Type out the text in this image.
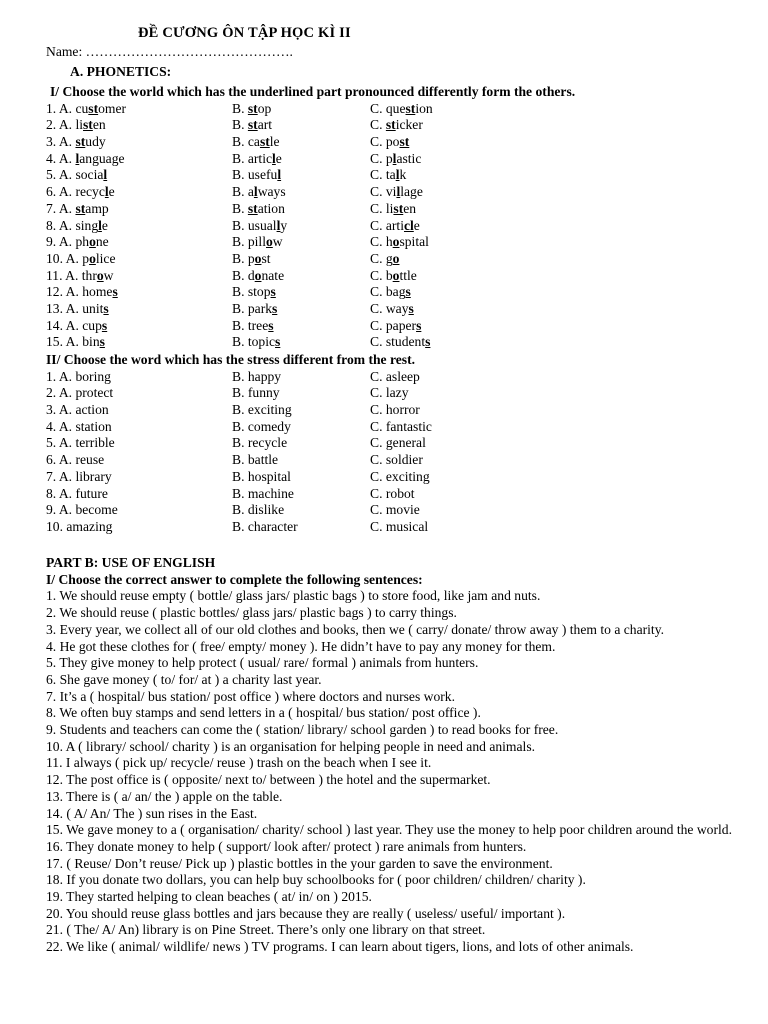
ĐỀ CƯƠNG ÔN TẬP HỌC KÌ II
Name: ……………………………………….
A. PHONETICS:
I/ Choose the world which has the underlined part pronounced differently form the others.
1. A. customer	B. stop	C. question
2. A. listen	B. start	C. sticker
3. A. study	B. castle	C. post
4. A. language	B. article	C. plastic
5. A. social	B. useful	C. talk
6. A. recycle	B. always	C. village
7. A. stamp	B. station	C. listen
8. A. single	B. usually	C. article
9. A. phone	B. pillow	C. hospital
10. A. police	B. post	C. go
11. A. throw	B. donate	C. bottle
12. A. homes	B. stops	C. bags
13. A. units	B. parks	C. ways
14. A. cups	B. trees	C. papers
15. A. bins	B. topics	C. students
II/ Choose the word which has the stress different from the rest.
1. A. boring	B. happy	C. asleep
2. A. protect	B. funny	C. lazy
3. A. action	B. exciting	C. horror
4. A. station	B. comedy	C. fantastic
5. A. terrible	B. recycle	C. general
6. A. reuse	B. battle	C. soldier
7. A. library	B. hospital	C. exciting
8. A. future	B. machine	C. robot
9. A. become	B. dislike	C. movie
10. amazing	B. character	C. musical
PART B: USE OF ENGLISH
I/ Choose the correct answer to complete the following sentences:
1. We should reuse empty ( bottle/ glass jars/ plastic bags ) to store food, like jam and nuts.
2. We should reuse ( plastic bottles/ glass jars/ plastic bags ) to carry things.
3. Every year, we collect all of our old clothes and books, then we ( carry/ donate/ throw away ) them to a charity.
4. He got these clothes for ( free/ empty/ money ). He didn’t have to pay any money for them.
5. They give money to help protect ( usual/ rare/ formal ) animals from hunters.
6. She gave money ( to/ for/ at ) a charity last year.
7. It’s a ( hospital/ bus station/ post office ) where doctors and nurses work.
8. We often buy stamps and send letters in a ( hospital/ bus station/ post office ).
9. Students and teachers can come the ( station/ library/ school garden ) to read books for free.
10. A ( library/ school/ charity ) is an organisation for helping people in need and animals.
11. I always ( pick up/ recycle/ reuse ) trash on the beach when I see it.
12. The post office is ( opposite/ next to/ between ) the hotel and the supermarket.
13. There is ( a/ an/ the ) apple on the table.
14. ( A/ An/ The ) sun rises in the East.
15. We gave money to a ( organisation/ charity/ school ) last year. They use the money to help poor children around the world.
16. They donate money to help ( support/ look after/ protect ) rare animals from hunters.
17. ( Reuse/ Don’t reuse/ Pick up ) plastic bottles in the your garden to save the environment.
18. If you donate two dollars, you can help buy schoolbooks for ( poor children/ children/ charity ).
19. They started helping to clean beaches ( at/ in/ on ) 2015.
20. You should reuse glass bottles and jars because they are really ( useless/ useful/ important ).
21. ( The/ A/ An) library is on Pine Street. There’s only one library on that street.
22. We like ( animal/ wildlife/ news ) TV programs. I can learn about tigers, lions, and lots of other animals.
